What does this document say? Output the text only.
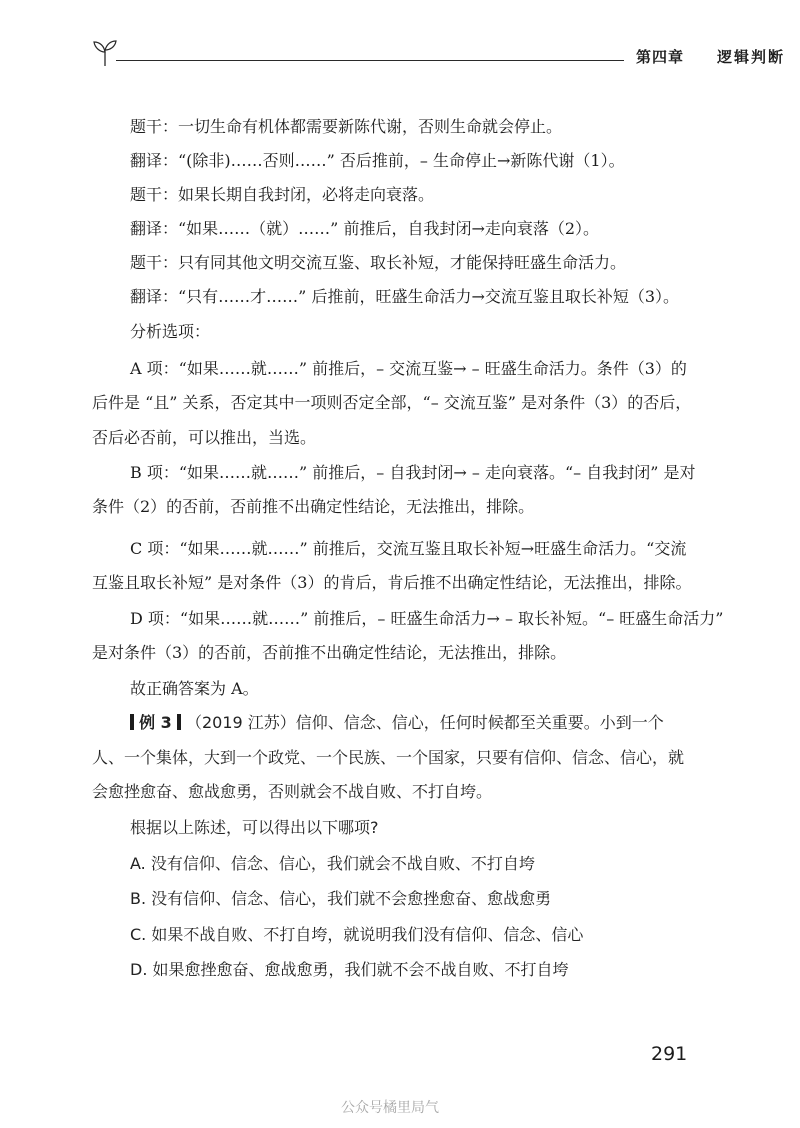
第四章 逻辑判断
题干：一切生命有机体都需要新陈代谢，否则生命就会停止。
翻译：“(除非)……否则……” 否后推前，– 生命停止→新陈代谢（1）。
题干：如果长期自我封闭，必将走向衰落。
翻译：“如果……（就）……” 前推后，自我封闭→走向衰落（2）。
题干：只有同其他文明交流互鉴、取长补短，才能保持旺盛生命活力。
翻译：“只有……才……” 后推前，旺盛生命活力→交流互鉴且取长补短（3）。
分析选项：
A 项：“如果……就……” 前推后，– 交流互鉴→ – 旺盛生命活力。条件（3）的
后件是 “且” 关系，否定其中一项则否定全部，“– 交流互鉴” 是对条件（3）的否后，
否后必否前，可以推出，当选。
B 项：“如果……就……” 前推后，– 自我封闭→ – 走向衰落。“– 自我封闭” 是对
条件（2）的否前，否前推不出确定性结论，无法推出，排除。
C 项：“如果……就……” 前推后，交流互鉴且取长补短→旺盛生命活力。“交流
互鉴且取长补短” 是对条件（3）的肯后，肯后推不出确定性结论，无法推出，排除。
D 项：“如果……就……” 前推后，– 旺盛生命活力→ – 取长补短。“– 旺盛生命活力”
是对条件（3）的否前，否前推不出确定性结论，无法推出，排除。
故正确答案为 A。
例 3 （2019 江苏）信仰、信念、信心，任何时候都至关重要。小到一个
人、一个集体，大到一个政党、一个民族、一个国家，只要有信仰、信念、信心，就
会愈挫愈奋、愈战愈勇，否则就会不战自败、不打自垮。
根据以上陈述，可以得出以下哪项?
A. 没有信仰、信念、信心，我们就会不战自败、不打自垮
B. 没有信仰、信念、信心，我们就不会愈挫愈奋、愈战愈勇
C. 如果不战自败、不打自垮，就说明我们没有信仰、信念、信心
D. 如果愈挫愈奋、愈战愈勇，我们就不会不战自败、不打自垮
291
公众号橘里局气
